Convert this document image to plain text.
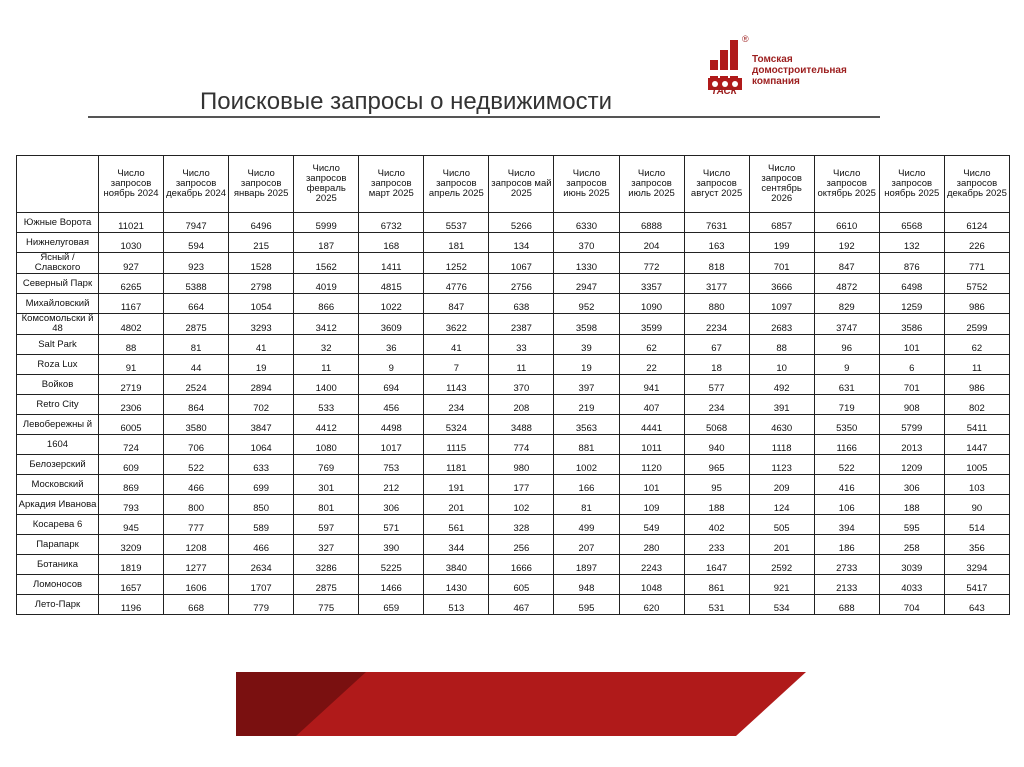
Поисковые запросы о недвижимости
®
Томская домостроительная компания
ТАСК
	Число запросов ноябрь 2024	Число запросов декабрь 2024	Число запросов январь 2025	Число запросов февраль 2025	Число запросов март 2025	Число запросов апрель 2025	Число запросов май 2025	Число запросов июнь 2025	Число запросов июль 2025	Число запросов август 2025	Число запросов сентябрь 2026	Число запросов октябрь 2025	Число запросов ноябрь 2025	Число запросов декабрь 2025
Южные Ворота	11021	7947	6496	5999	6732	5537	5266	6330	6888	7631	6857	6610	6568	6124
Нижнелуговая	1030	594	215	187	168	181	134	370	204	163	199	192	132	226
Ясный / Славского	927	923	1528	1562	1411	1252	1067	1330	772	818	701	847	876	771
Северный Парк	6265	5388	2798	4019	4815	4776	2756	2947	3357	3177	3666	4872	6498	5752
Михайловский	1167	664	1054	866	1022	847	638	952	1090	880	1097	829	1259	986
Комсомольски й 48	4802	2875	3293	3412	3609	3622	2387	3598	3599	2234	2683	3747	3586	2599
Salt Park	88	81	41	32	36	41	33	39	62	67	88	96	101	62
Roza Lux	91	44	19	11	9	7	11	19	22	18	10	9	6	11
Войков	2719	2524	2894	1400	694	1143	370	397	941	577	492	631	701	986
Retro City	2306	864	702	533	456	234	208	219	407	234	391	719	908	802
Левобережны й	6005	3580	3847	4412	4498	5324	3488	3563	4441	5068	4630	5350	5799	5411
1604	724	706	1064	1080	1017	1115	774	881	1011	940	1118	1166	2013	1447
Белозерский	609	522	633	769	753	1181	980	1002	1120	965	1123	522	1209	1005
Московский	869	466	699	301	212	191	177	166	101	95	209	416	306	103
Аркадия Иванова	793	800	850	801	306	201	102	81	109	188	124	106	188	90
Косарева 6	945	777	589	597	571	561	328	499	549	402	505	394	595	514
Парапарк	3209	1208	466	327	390	344	256	207	280	233	201	186	258	356
Ботаника	1819	1277	2634	3286	5225	3840	1666	1897	2243	1647	2592	2733	3039	3294
Ломоносов	1657	1606	1707	2875	1466	1430	605	948	1048	861	921	2133	4033	5417
Лето-Парк	1196	668	779	775	659	513	467	595	620	531	534	688	704	643
